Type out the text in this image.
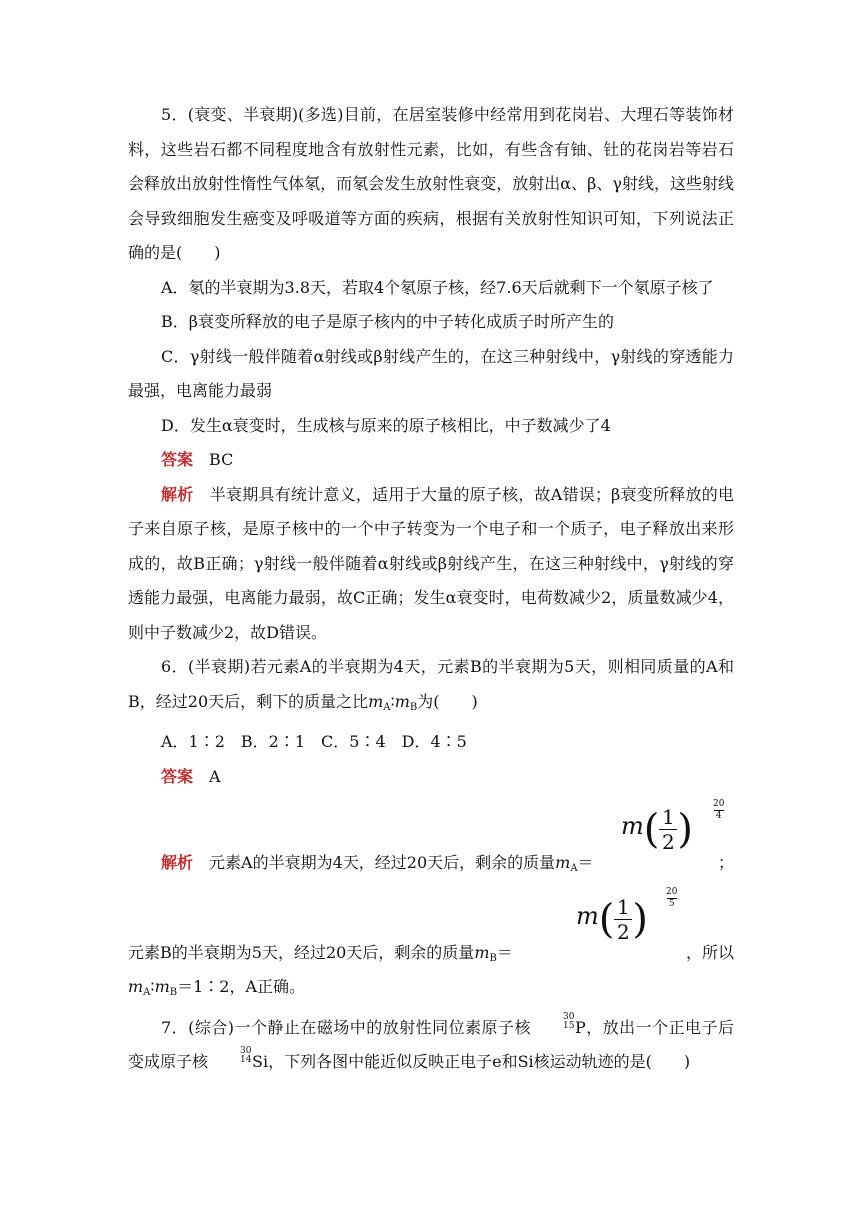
5．(衰变、半衰期)(多选)目前，在居室装修中经常用到花岗岩、大理石等装饰材料，这些岩石都不同程度地含有放射性元素，比如，有些含有铀、钍的花岗岩等岩石会释放出放射性惰性气体氡，而氡会发生放射性衰变，放射出α、β、γ射线，这些射线会导致细胞发生癌变及呼吸道等方面的疾病，根据有关放射性知识可知，下列说法正确的是(　　)

A．氡的半衰期为3.8天，若取4个氡原子核，经7.6天后就剩下一个氡原子核了

B．β衰变所释放的电子是原子核内的中子转化成质子时所产生的

C．γ射线一般伴随着α射线或β射线产生的，在这三种射线中，γ射线的穿透能力最强，电离能力最弱

D．发生α衰变时，生成核与原来的原子核相比，中子数减少了4

答案　 BC

解析　 半衰期具有统计意义，适用于大量的原子核，故A错误；β衰变所释放的电子来自原子核，是原子核中的一个中子转变为一个电子和一个质子，电子释放出来形成的，故B正确；γ射线一般伴随着α射线或β射线产生，在这三种射线中，γ射线的穿透能力最强，电离能力最弱，故C正确；发生α衰变时，电荷数减少2，质量数减少4，则中子数减少2，故D错误。

6．(半衰期)若元素A的半衰期为4天，元素B的半衰期为5天，则相同质量的A和B，经过20天后，剩下的质量之比$m_A∶m_B$为(　　)

A．1∶2　B．2∶1　C．5∶4　D．4∶5

答案　 A

$m( \frac{1}{2}$ )
20
4

解析　 元素A的半衰期为4天，经过20天后，剩余的质量$m_A=$	；

$m( \frac{1}{2}$ )
20
5

元素B的半衰期为5天，经过20天后，剩余的质量$m_B=$	，所以

$m_A∶m_B=1∶2$，A正确。

7．(综合)一个静止在磁场中的放射性同位素原子核
30
15 P，放出一个正电子后变成原子核
30
14 Si，下列各图中能近似反映正电子e和Si核运动轨迹的是(　　)
